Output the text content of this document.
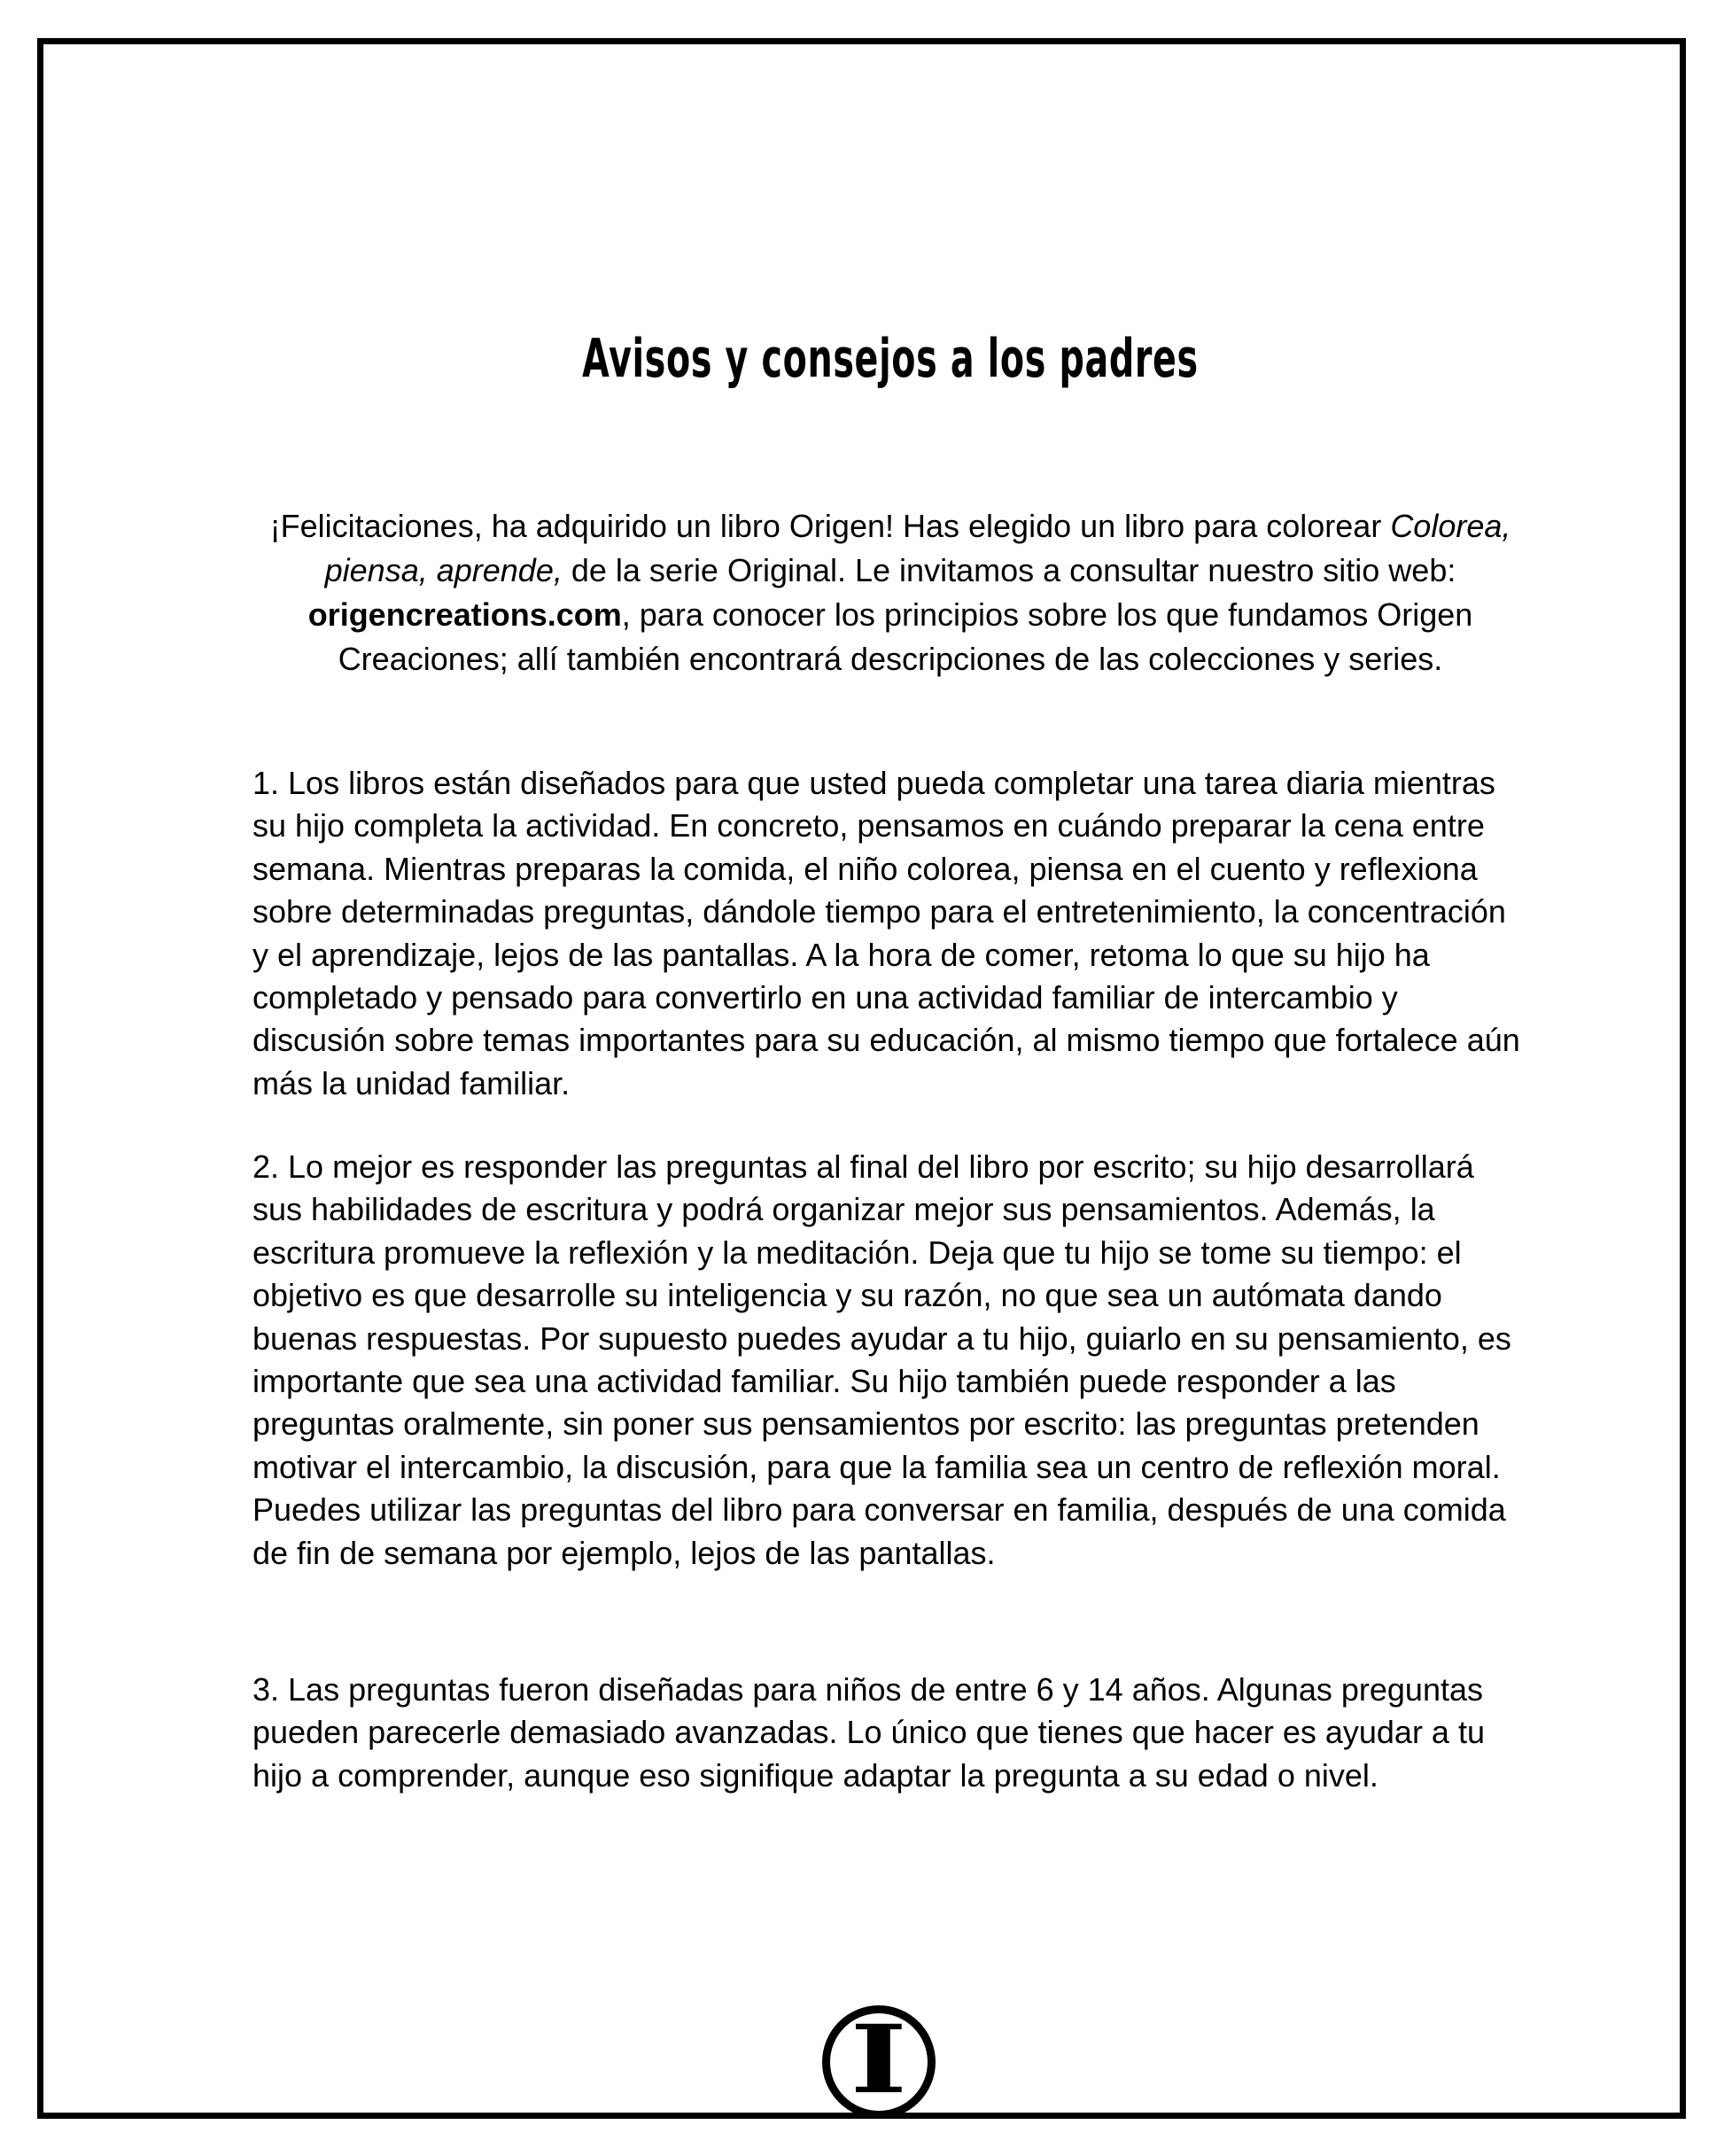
Avisos y consejos a los padres

¡Felicitaciones, ha adquirido un libro Origen! Has elegido un libro para colorear Colorea, piensa, aprende, de la serie Original. Le invitamos a consultar nuestro sitio web: origencreations.com, para conocer los principios sobre los que fundamos Origen Creaciones; allí también encontrará descripciones de las colecciones y series.

1. Los libros están diseñados para que usted pueda completar una tarea diaria mientras su hijo completa la actividad. En concreto, pensamos en cuándo preparar la cena entre semana. Mientras preparas la comida, el niño colorea, piensa en el cuento y reflexiona sobre determinadas preguntas, dándole tiempo para el entretenimiento, la concentración y el aprendizaje, lejos de las pantallas. A la hora de comer, retoma lo que su hijo ha completado y pensado para convertirlo en una actividad familiar de intercambio y discusión sobre temas importantes para su educación, al mismo tiempo que fortalece aún más la unidad familiar.

2. Lo mejor es responder las preguntas al final del libro por escrito; su hijo desarrollará sus habilidades de escritura y podrá organizar mejor sus pensamientos. Además, la escritura promueve la reflexión y la meditación. Deja que tu hijo se tome su tiempo: el objetivo es que desarrolle su inteligencia y su razón, no que sea un autómata dando buenas respuestas. Por supuesto puedes ayudar a tu hijo, guiarlo en su pensamiento, es importante que sea una actividad familiar. Su hijo también puede responder a las preguntas oralmente, sin poner sus pensamientos por escrito: las preguntas pretenden motivar el intercambio, la discusión, para que la familia sea un centro de reflexión moral. Puedes utilizar las preguntas del libro para conversar en familia, después de una comida de fin de semana por ejemplo, lejos de las pantallas.

3. Las preguntas fueron diseñadas para niños de entre 6 y 14 años. Algunas preguntas pueden parecerle demasiado avanzadas. Lo único que tienes que hacer es ayudar a tu hijo a comprender, aunque eso signifique adaptar la pregunta a su edad o nivel.

I
